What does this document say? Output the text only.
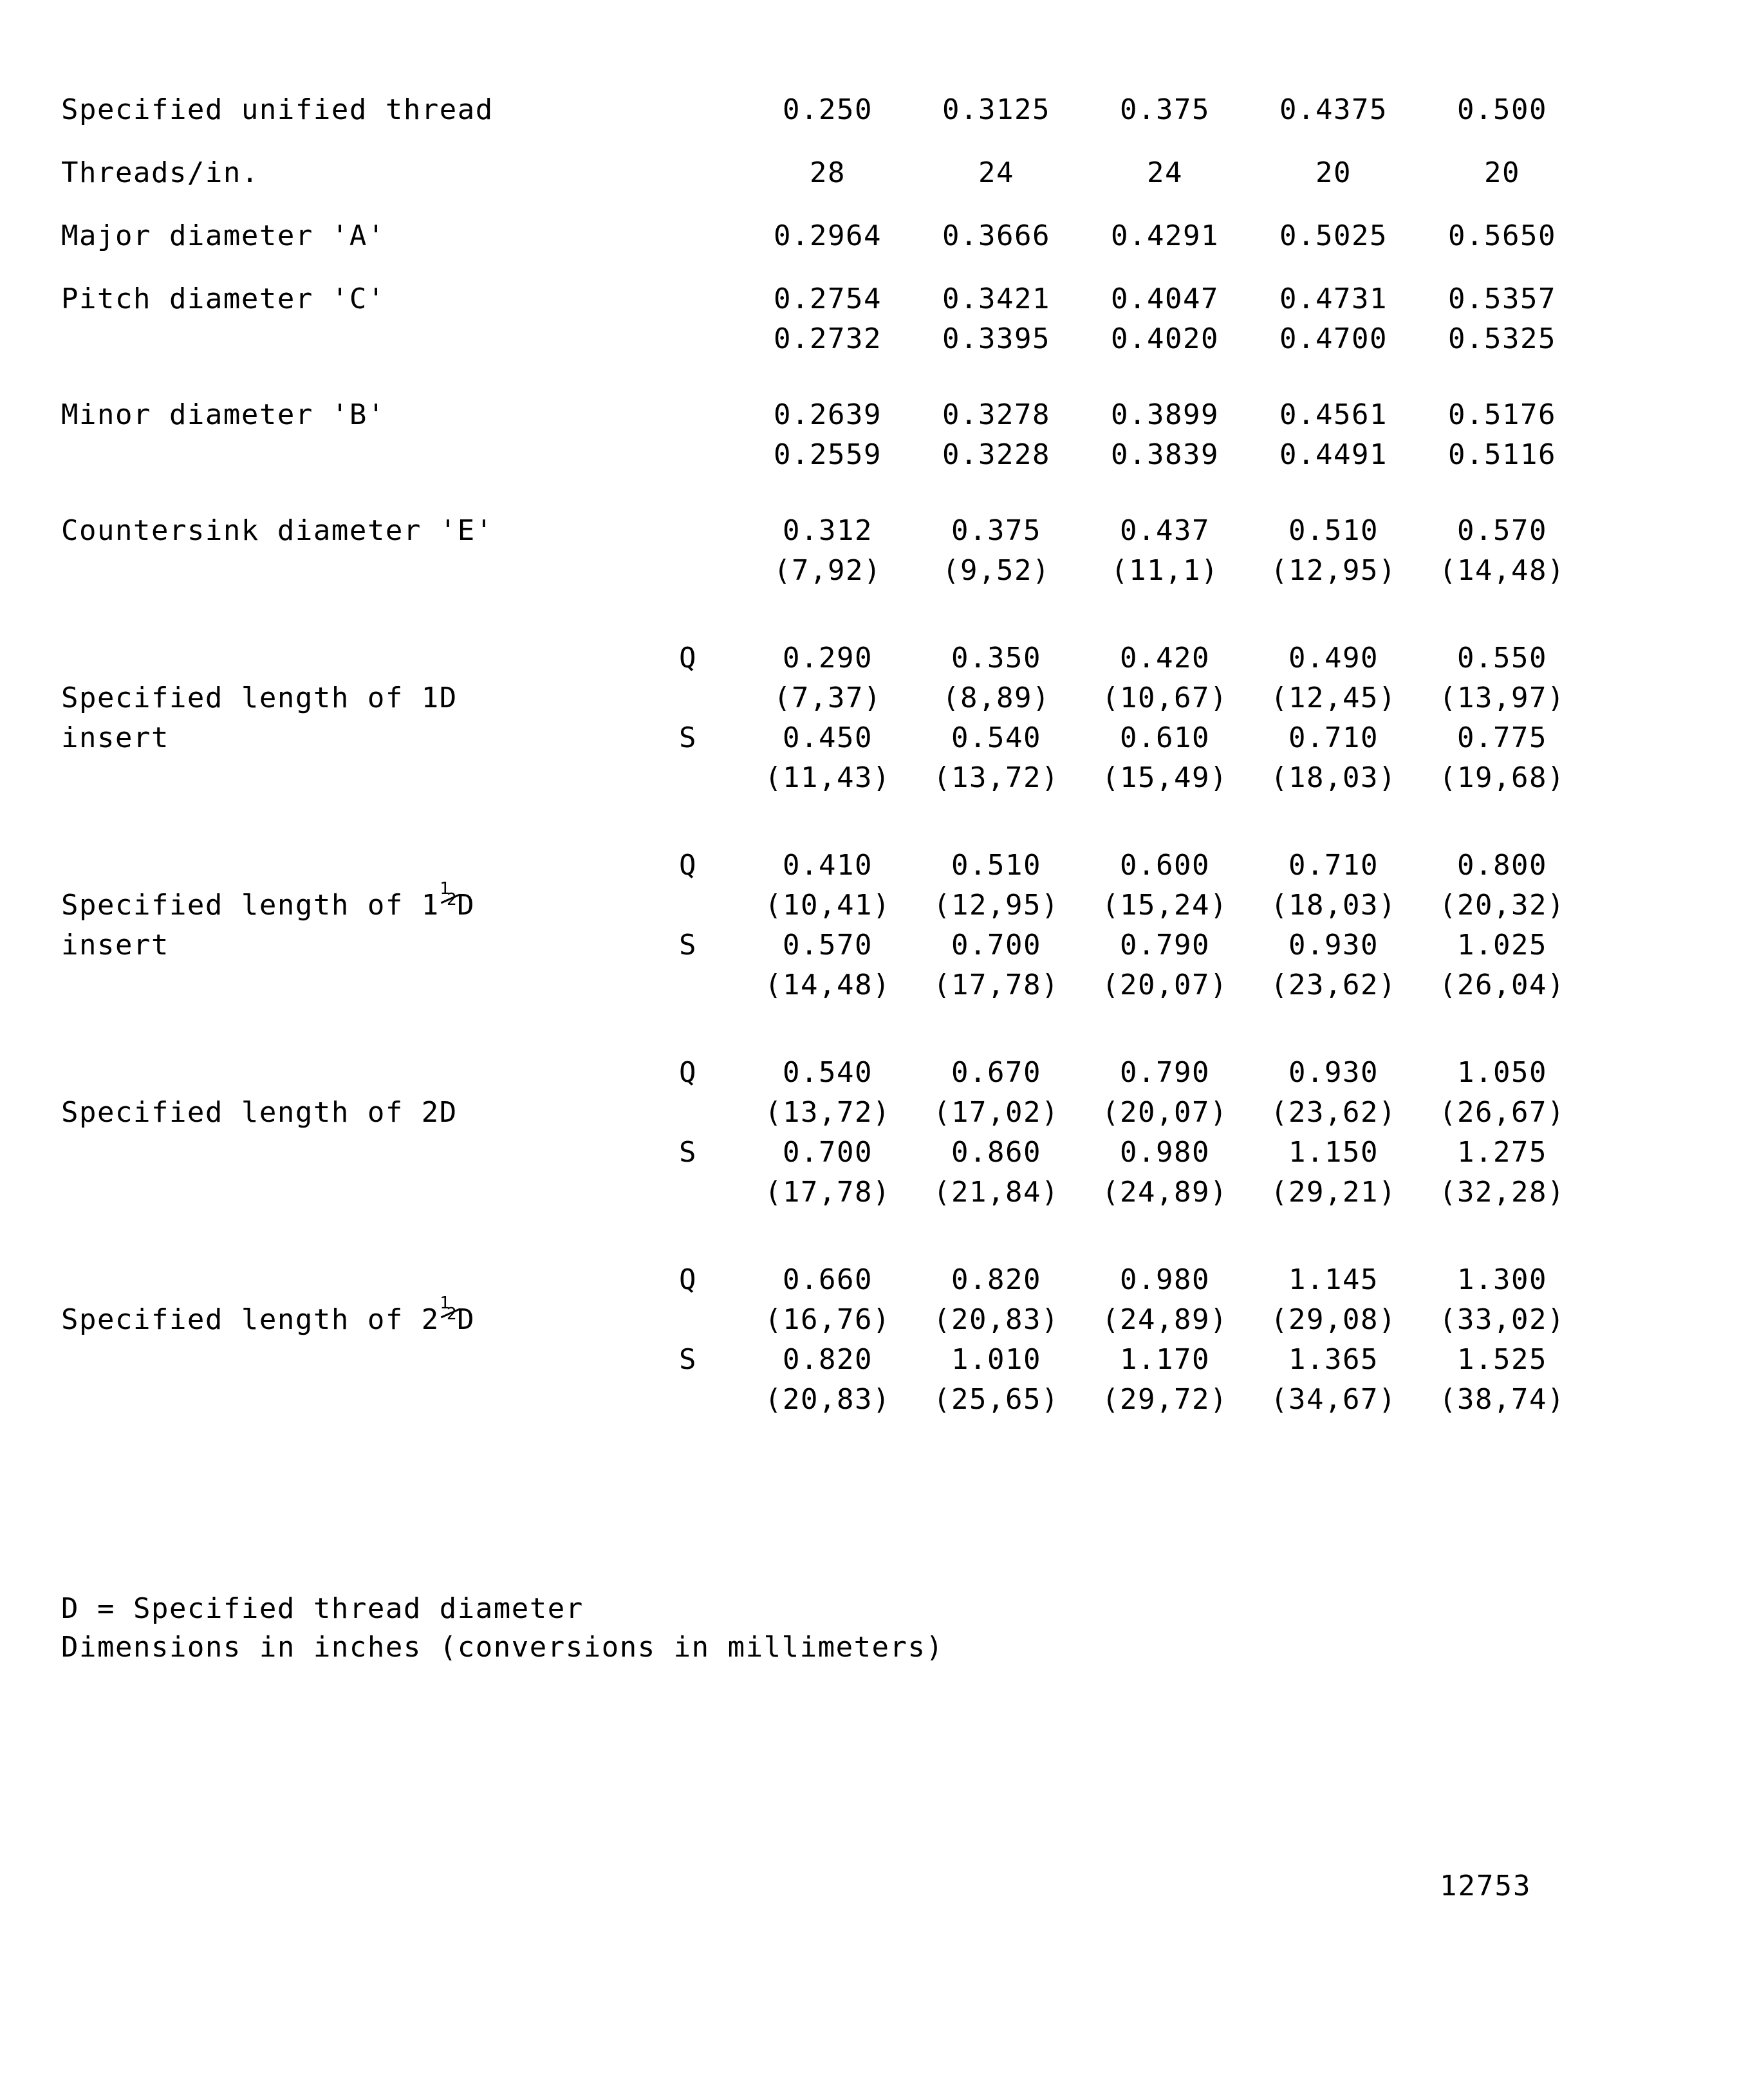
Specified unified thread		0.250	0.3125	0.375	0.4375	0.500

Threads/in.		28	24	24	20	20

Major diameter 'A'		0.2964	0.3666	0.4291	0.5025	0.5650

Pitch diameter 'C'		0.2754	0.3421	0.4047	0.4731	0.5357
		0.2732	0.3395	0.4020	0.4700	0.5325

Minor diameter 'B'		0.2639	0.3278	0.3899	0.4561	0.5176
		0.2559	0.3228	0.3839	0.4491	0.5116

Countersink diameter 'E'		0.312	0.375	0.437	0.510	0.570
		(7,92)	(9,52)	(11,1)	(12,95)	(14,48)

	Q	0.290	0.350	0.420	0.490	0.550

Specified length of 1D		(7,37)	(8,89)	(10,67)	(12,45)	(13,97)

insert	S	0.450	0.540	0.610	0.710	0.775
		(11,43)	(13,72)	(15,49)	(18,03)	(19,68)

	Q	0.410	0.510	0.600	0.710	0.800

Specified length of 1 1
2 D		(10,41)	(12,95)	(15,24)	(18,03)	(20,32)

insert	S	0.570	0.700	0.790	0.930	1.025
		(14,48)	(17,78)	(20,07)	(23,62)	(26,04)

	Q	0.540	0.670	0.790	0.930	1.050

Specified length of 2D		(13,72)	(17,02)	(20,07)	(23,62)	(26,67)
	S	0.700	0.860	0.980	1.150	1.275
		(17,78)	(21,84)	(24,89)	(29,21)	(32,28)

	Q	0.660	0.820	0.980	1.145	1.300

Specified length of 2 1
2 D		(16,76)	(20,83)	(24,89)	(29,08)	(33,02)
	S	0.820	1.010	1.170	1.365	1.525
		(20,83)	(25,65)	(29,72)	(34,67)	(38,74)
D = Specified thread diameter
Dimensions in inches (conversions in millimeters)
12753
